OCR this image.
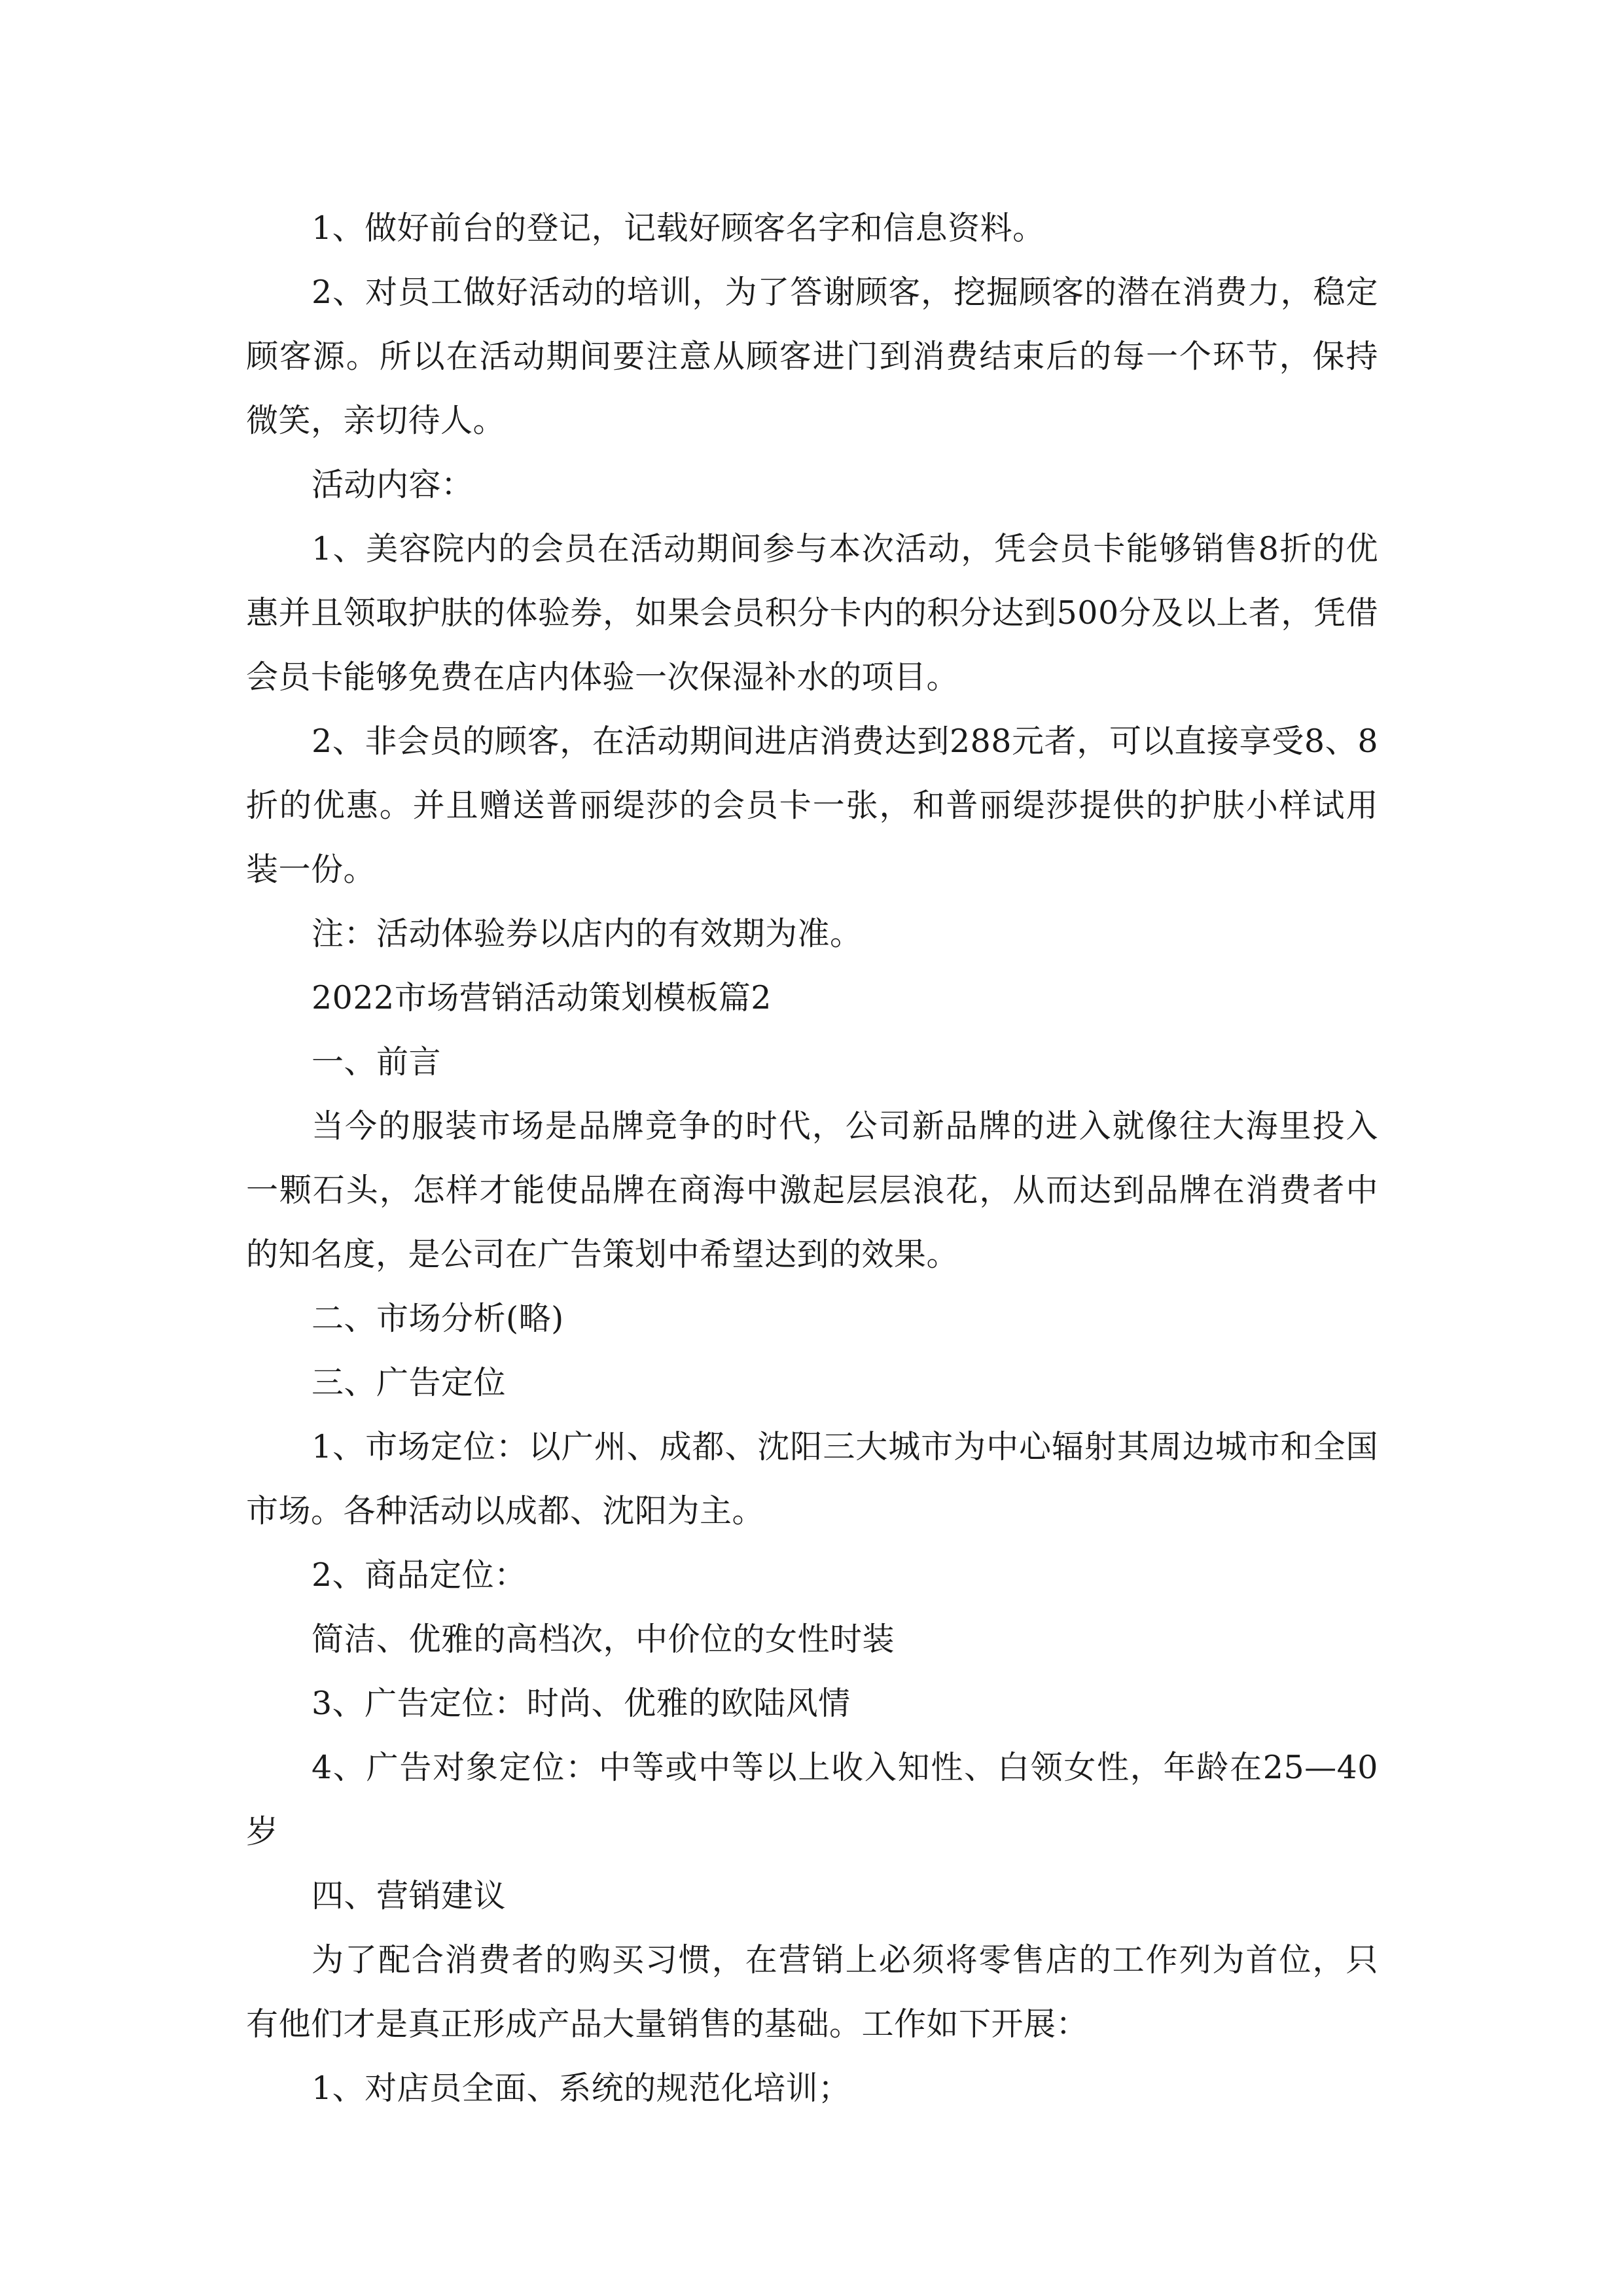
1、做好前台的登记，记载好顾客名字和信息资料。

2、对员工做好活动的培训，为了答谢顾客，挖掘顾客的潜在消费力，稳定顾客源。所以在活动期间要注意从顾客进门到消费结束后的每一个环节，保持微笑，亲切待人。

活动内容：

1、美容院内的会员在活动期间参与本次活动，凭会员卡能够销售8折的优惠并且领取护肤的体验券，如果会员积分卡内的积分达到500分及以上者，凭借会员卡能够免费在店内体验一次保湿补水的项目。

2、非会员的顾客，在活动期间进店消费达到288元者，可以直接享受8、8折的优惠。并且赠送普丽缇莎的会员卡一张，和普丽缇莎提供的护肤小样试用装一份。

注：活动体验券以店内的有效期为准。

2022市场营销活动策划模板篇2

一、前言

当今的服装市场是品牌竞争的时代，公司新品牌的进入就像往大海里投入一颗石头，怎样才能使品牌在商海中激起层层浪花，从而达到品牌在消费者中的知名度，是公司在广告策划中希望达到的效果。

二、市场分析(略)

三、广告定位

1、市场定位：以广州、成都、沈阳三大城市为中心辐射其周边城市和全国市场。各种活动以成都、沈阳为主。

2、商品定位：

简洁、优雅的高档次，中价位的女性时装

3、广告定位：时尚、优雅的欧陆风情

4、广告对象定位：中等或中等以上收入知性、白领女性，年龄在25—40岁

四、营销建议

为了配合消费者的购买习惯，在营销上必须将零售店的工作列为首位，只有他们才是真正形成产品大量销售的基础。工作如下开展：

1、对店员全面、系统的规范化培训；
